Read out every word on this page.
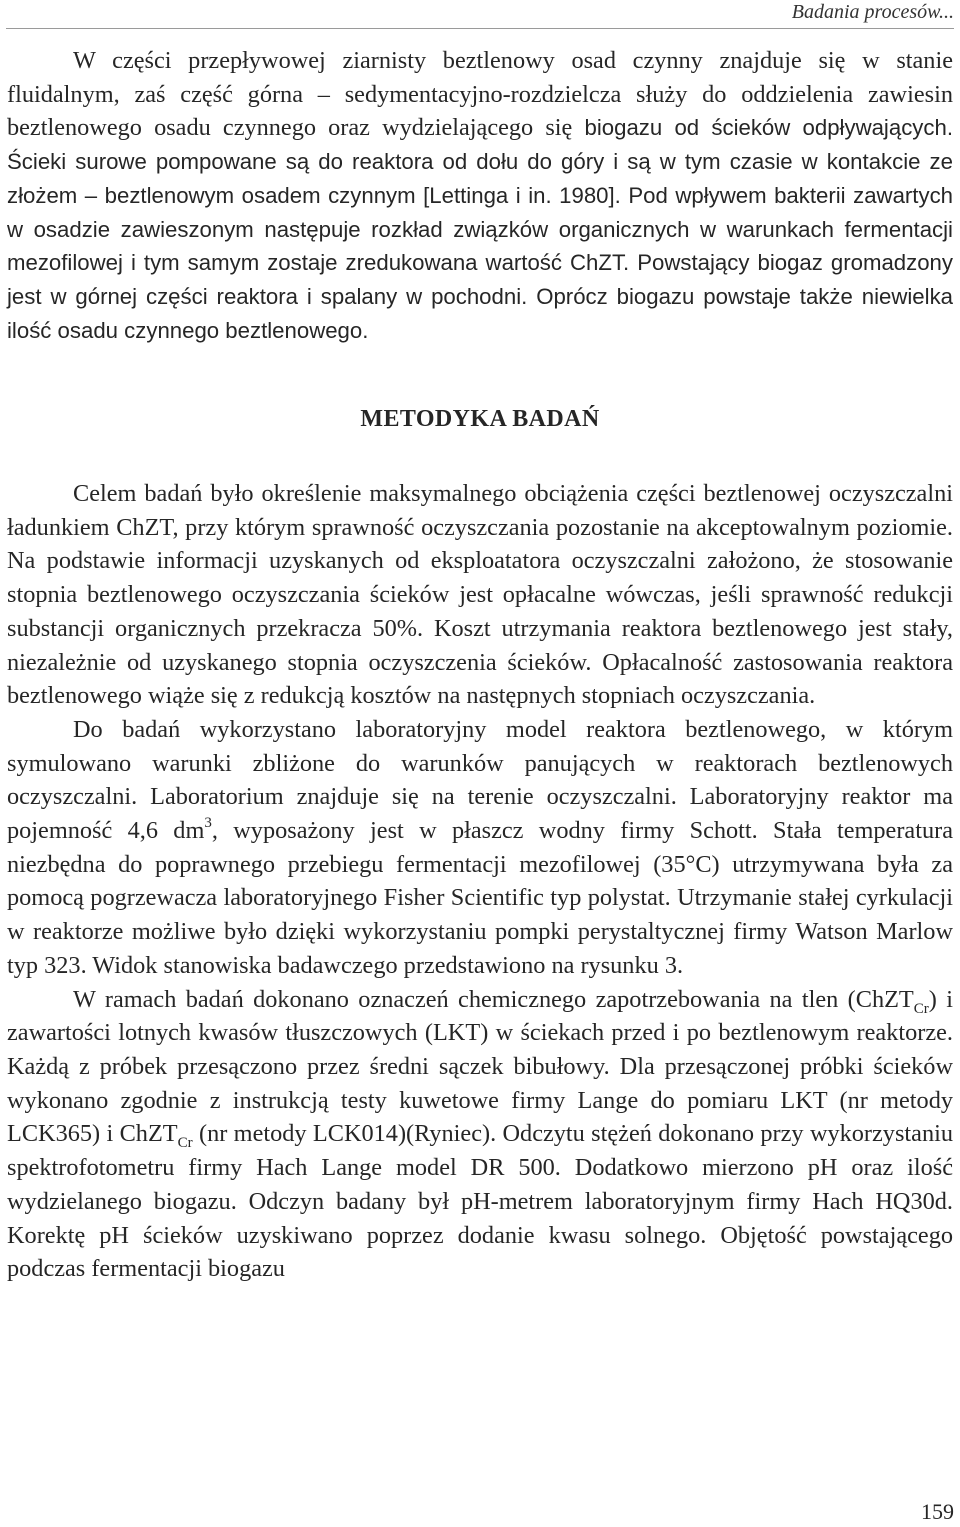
Badania procesów...

W części przepływowej ziarnisty beztlenowy osad czynny znajduje się w stanie fluidalnym, zaś część górna – sedymentacyjno-rozdzielcza służy do oddzielenia zawiesin beztlenowego osadu czynnego oraz wydzielającego się biogazu od ścieków odpływających. Ścieki surowe pompowane są do reaktora od dołu do góry i są w tym czasie w kontakcie ze złożem – beztlenowym osadem czynnym [Lettinga i in. 1980]. Pod wpływem bakterii zawartych w osadzie zawieszonym następuje rozkład związków organicznych w warunkach fermentacji mezofilowej i tym samym zostaje zredukowana wartość ChZT. Powstający biogaz gromadzony jest w górnej części reaktora i spalany w pochodni. Oprócz biogazu powstaje także niewielka ilość osadu czynnego beztlenowego.

METODYKA BADAŃ

Celem badań było określenie maksymalnego obciążenia części beztlenowej oczyszczalni ładunkiem ChZT, przy którym sprawność oczyszczania pozostanie na akceptowalnym poziomie. Na podstawie informacji uzyskanych od eksploatatora oczyszczalni założono, że stosowanie stopnia beztlenowego oczyszczania ścieków jest opłacalne wówczas, jeśli sprawność redukcji substancji organicznych przekracza 50%. Koszt utrzymania reaktora beztlenowego jest stały, niezależnie od uzyskanego stopnia oczyszczenia ścieków. Opłacalność zastosowania reaktora beztlenowego wiąże się z redukcją kosztów na następnych stopniach oczyszczania.

Do badań wykorzystano laboratoryjny model reaktora beztlenowego, w którym symulowano warunki zbliżone do warunków panujących w reaktorach beztlenowych oczyszczalni. Laboratorium znajduje się na terenie oczyszczalni. Laboratoryjny reaktor ma pojemność 4,6 $dm^3$, wyposażony jest w płaszcz wodny firmy Schott. Stała temperatura niezbędna do poprawnego przebiegu fermentacji mezofilowej (35°C) utrzymywana była za pomocą pogrzewacza laboratoryjnego Fisher Scientific typ polystat. Utrzymanie stałej cyrkulacji w reaktorze możliwe było dzięki wykorzystaniu pompki perystaltycznej firmy Watson Marlow typ 323. Widok stanowiska badawczego przedstawiono na rysunku 3.

W ramach badań dokonano oznaczeń chemicznego zapotrzebowania na tlen (ChZT$_{Cr}$) i zawartości lotnych kwasów tłuszczowych (LKT) w ściekach przed i po beztlenowym reaktorze. Każdą z próbek przesączono przez średni sączek bibułowy. Dla przesączonej próbki ścieków wykonano zgodnie z instrukcją testy kuwetowe firmy Lange do pomiaru LKT (nr metody LCK365) i ChZT$_{Cr}$ (nr metody LCK014)(Ryniec). Odczytu stężeń dokonano przy wykorzystaniu spektrofotometru firmy Hach Lange model DR 500. Dodatkowo mierzono pH oraz ilość wydzielanego biogazu. Odczyn badany był pH-metrem laboratoryjnym firmy Hach HQ30d. Korektę pH ścieków uzyskiwano poprzez dodanie kwasu solnego. Objętość powstającego podczas fermentacji biogazu

159
